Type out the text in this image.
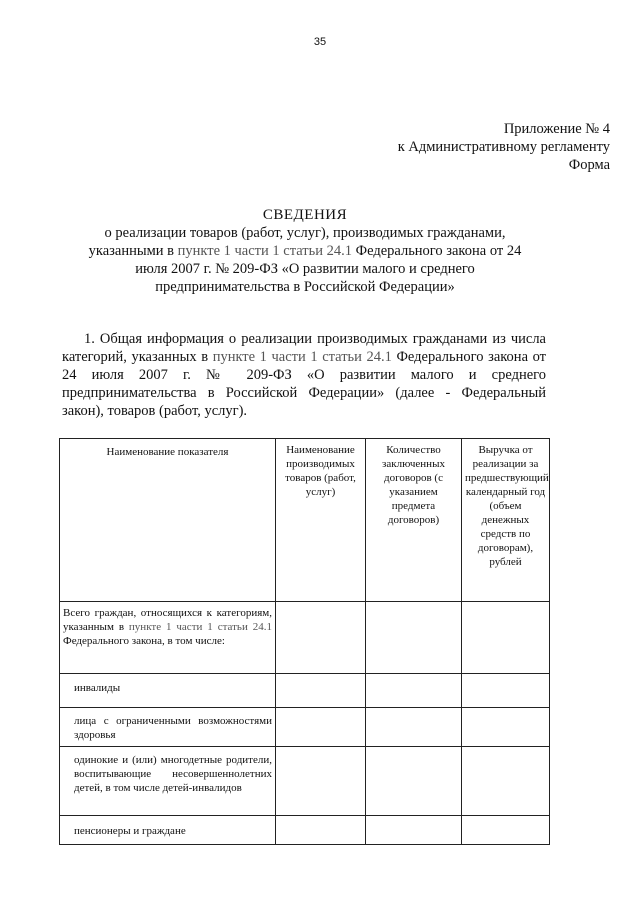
35
Приложение № 4
к Административному регламенту
Форма
СВЕДЕНИЯ
о реализации товаров (работ, услуг), производимых гражданами,
указанными в пункте 1 части 1 статьи 24.1 Федерального закона от 24
июля 2007 г. № 209-ФЗ «О развитии малого и среднего
предпринимательства в Российской Федерации»
1. Общая информация о реализации производимых гражданами из числа категорий, указанных в пункте 1 части 1 статьи 24.1 Федерального закона от 24 июля 2007 г. № 209-ФЗ «О развитии малого и среднего предпринимательства в Российской Федерации» (далее - Федеральный закон), товаров (работ, услуг).
Наименование показателя	Наименование производимых товаров (работ, услуг)	Количество заключенных договоров (с указанием предмета договоров)	Выручка от реализации за предшествующий календарный год (объем денежных средств по договорам), рублей
Всего граждан, относящихся к категориям, указанным в пункте 1 части 1 статьи 24.1 Федерального закона, в том числе:			
инвалиды			
лица с ограниченными возможностями здоровья			
одинокие и (или) многодетные родители, воспитывающие несовершеннолетних детей, в том числе детей-инвалидов			
пенсионеры и граждане			
